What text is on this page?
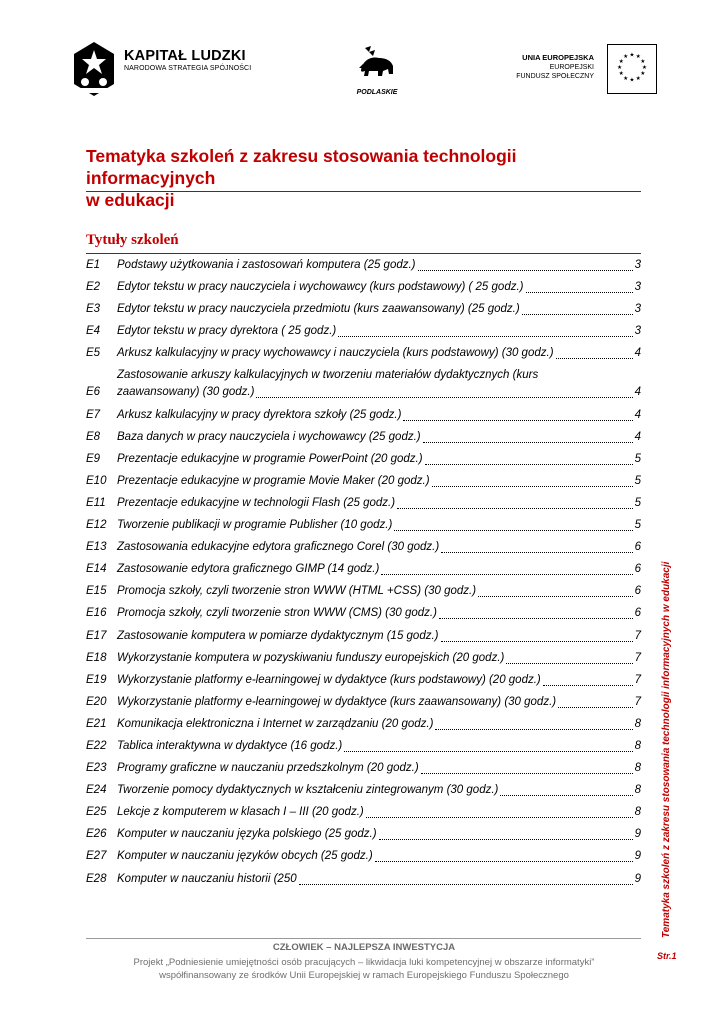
KAPITAŁ LUDZKI
NARODOWA STRATEGIA SPÓJNOŚCI
PODLASKIE
UNIA EUROPEJSKA
EUROPEJSKI
FUNDUSZ SPOŁECZNY
★ ★
★
★
★
★
★
★
★
★
★
★
Tematyka szkoleń z zakresu stosowania technologii informacyjnych
w edukacji
Tytuły szkoleń
E1	Podstawy użytkowania i zastosowań komputera (25 godz.)	3
E2	Edytor tekstu w pracy nauczyciela i wychowawcy (kurs podstawowy) ( 25 godz.)	3
E3	Edytor tekstu w pracy nauczyciela przedmiotu (kurs zaawansowany) (25 godz.)	3
E4	Edytor tekstu w pracy dyrektora ( 25 godz.)	3
E5	Arkusz kalkulacyjny w pracy wychowawcy i nauczyciela (kurs podstawowy) (30 godz.)	4
E6
Zastosowanie arkuszy kalkulacyjnych w tworzeniu materiałów dydaktycznych (kurs
zaawansowany) (30 godz.)	4
E7	Arkusz kalkulacyjny w pracy dyrektora szkoły (25 godz.)	4
E8	Baza danych w pracy nauczyciela i wychowawcy (25 godz.)	4
E9	Prezentacje edukacyjne w programie PowerPoint (20 godz.)	5
E10 Prezentacje edukacyjne w programie Movie Maker (20 godz.)	5
E11 Prezentacje edukacyjne w technologii Flash (25 godz.)	5
E12 Tworzenie publikacji w programie Publisher (10 godz.)	5
E13 Zastosowania edukacyjne edytora graficznego Corel (30 godz.)	6
E14 Zastosowanie edytora graficznego GIMP (14 godz.)	6
E15 Promocja szkoły, czyli tworzenie stron WWW (HTML +CSS) (30 godz.)	6
E16 Promocja szkoły, czyli tworzenie stron WWW (CMS) (30 godz.)	6
E17 Zastosowanie komputera w pomiarze dydaktycznym (15 godz.)	7
E18 Wykorzystanie komputera w pozyskiwaniu funduszy europejskich (20 godz.)	7
E19 Wykorzystanie platformy e-learningowej w dydaktyce (kurs podstawowy) (20 godz.)	7
E20 Wykorzystanie platformy e-learningowej w dydaktyce (kurs zaawansowany) (30 godz.)	7
E21 Komunikacja elektroniczna i Internet w zarządzaniu (20 godz.)	8
E22 Tablica interaktywna w dydaktyce (16 godz.)	8
E23 Programy graficzne w nauczaniu przedszkolnym (20 godz.)	8
E24 Tworzenie pomocy dydaktycznych w kształceniu zintegrowanym (30 godz.)	8
E25 Lekcje z komputerem w klasach I – III (20 godz.)	8
E26 Komputer w nauczaniu języka polskiego (25 godz.)	9
E27 Komputer w nauczaniu języków obcych (25 godz.)	9
E28 Komputer w nauczaniu historii (250	9 Tematyka szkoleń z zakresu stosowania technologii informacyjnych w edukacji
Str.1
CZŁOWIEK – NAJLEPSZA INWESTYCJA
Projekt „Podniesienie umiejętności osób pracujących – likwidacja luki kompetencyjnej w obszarze informatyki”
współfinansowany ze środków Unii Europejskiej w ramach Europejskiego Funduszu Społecznego
